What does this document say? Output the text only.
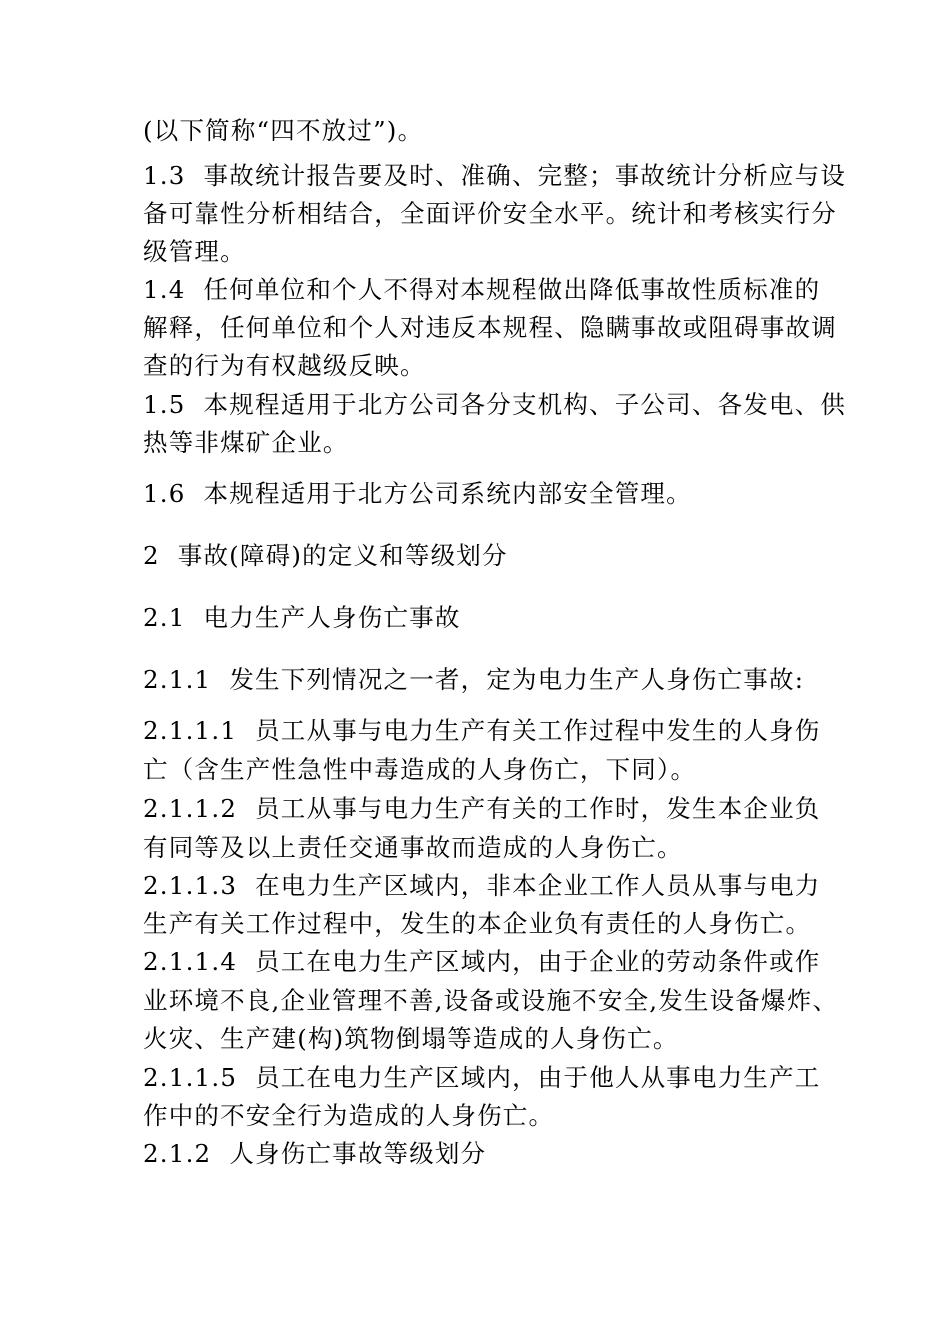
(以下简称“四不放过”)。
1.3  事故统计报告要及时、准确、完整；事故统计分析应与设
备可靠性分析相结合，全面评价安全水平。统计和考核实行分
级管理。
1.4  任何单位和个人不得对本规程做出降低事故性质标准的
解释，任何单位和个人对违反本规程、隐瞒事故或阻碍事故调
查的行为有权越级反映。
1.5  本规程适用于北方公司各分支机构、子公司、各发电、供
热等非煤矿企业。
1.6  本规程适用于北方公司系统内部安全管理。
2  事故(障碍)的定义和等级划分
2.1  电力生产人身伤亡事故
2.1.1  发生下列情况之一者，定为电力生产人身伤亡事故:
2.1.1.1  员工从事与电力生产有关工作过程中发生的人身伤
亡（含生产性急性中毒造成的人身伤亡，下同）。
2.1.1.2  员工从事与电力生产有关的工作时，发生本企业负
有同等及以上责任交通事故而造成的人身伤亡。
2.1.1.3  在电力生产区域内，非本企业工作人员从事与电力
生产有关工作过程中，发生的本企业负有责任的人身伤亡。
2.1.1.4  员工在电力生产区域内，由于企业的劳动条件或作
业环境不良,企业管理不善,设备或设施不安全,发生设备爆炸、
火灾、生产建(构)筑物倒塌等造成的人身伤亡。
2.1.1.5  员工在电力生产区域内，由于他人从事电力生产工
作中的不安全行为造成的人身伤亡。
2.1.2  人身伤亡事故等级划分
